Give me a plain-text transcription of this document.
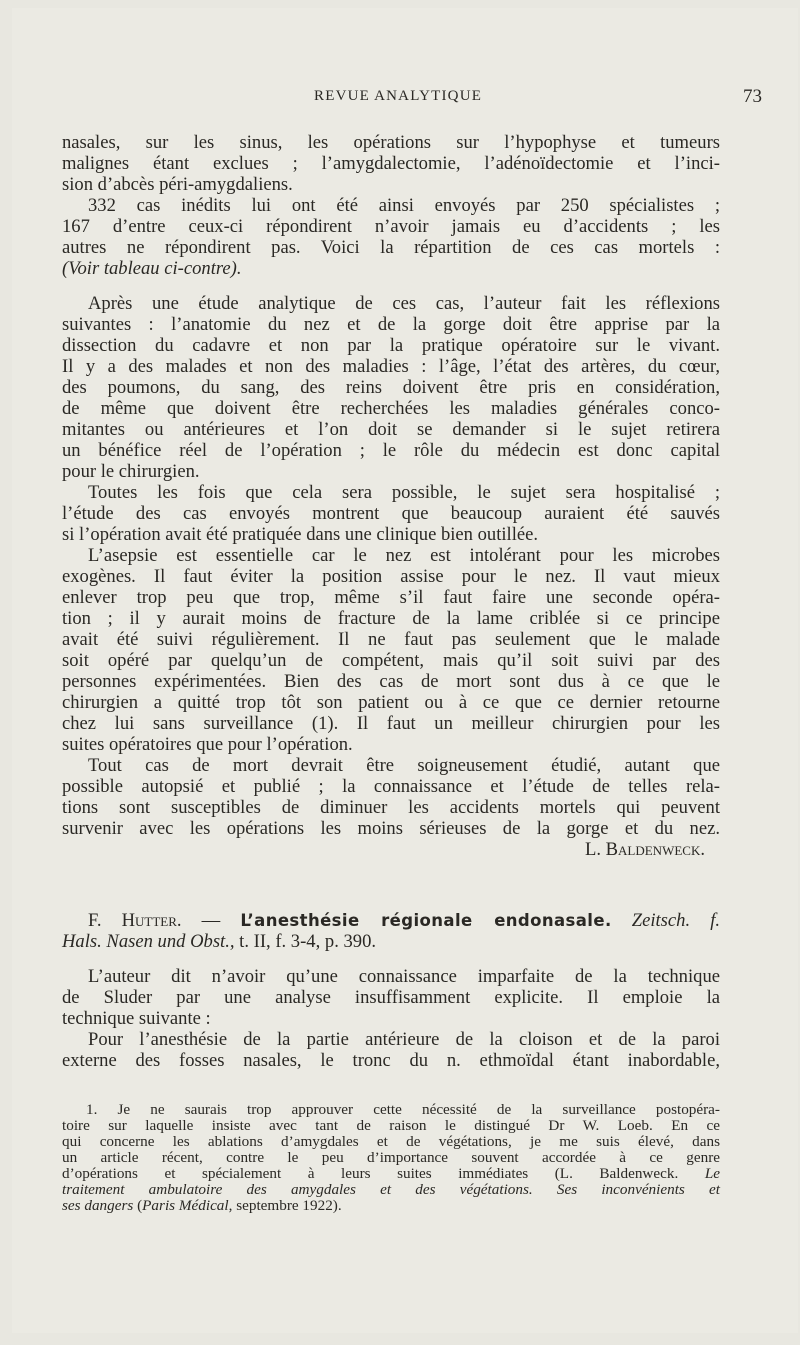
REVUE ANALYTIQUE	73
nasales, sur les sinus, les opérations sur l’hypophyse et tumeurs
malignes étant exclues ; l’amygdalectomie, l’adénoïdectomie et l’inci-
sion d’abcès péri-amygdaliens.
332 cas inédits lui ont été ainsi envoyés par 250 spécialistes ;
167 d’entre ceux-ci répondirent n’avoir jamais eu d’accidents ; les
autres ne répondirent pas. Voici la répartition de ces cas mortels :
(Voir tableau ci-contre).
Après une étude analytique de ces cas, l’auteur fait les réflexions
suivantes : l’anatomie du nez et de la gorge doit être apprise par la
dissection du cadavre et non par la pratique opératoire sur le vivant.
Il y a des malades et non des maladies : l’âge, l’état des artères, du cœur,
des poumons, du sang, des reins doivent être pris en considération,
de même que doivent être recherchées les maladies générales conco-
mitantes ou antérieures et l’on doit se demander si le sujet retirera
un bénéfice réel de l’opération ; le rôle du médecin est donc capital
pour le chirurgien.
Toutes les fois que cela sera possible, le sujet sera hospitalisé ;
l’étude des cas envoyés montrent que beaucoup auraient été sauvés
si l’opération avait été pratiquée dans une clinique bien outillée.
L’asepsie est essentielle car le nez est intolérant pour les microbes
exogènes. Il faut éviter la position assise pour le nez. Il vaut mieux
enlever trop peu que trop, même s’il faut faire une seconde opéra-
tion ; il y aurait moins de fracture de la lame criblée si ce principe
avait été suivi régulièrement. Il ne faut pas seulement que le malade
soit opéré par quelqu’un de compétent, mais qu’il soit suivi par des
personnes expérimentées. Bien des cas de mort sont dus à ce que le
chirurgien a quitté trop tôt son patient ou à ce que ce dernier retourne
chez lui sans surveillance (1). Il faut un meilleur chirurgien pour les
suites opératoires que pour l’opération.
Tout cas de mort devrait être soigneusement étudié, autant que
possible autopsié et publié ; la connaissance et l’étude de telles rela-
tions sont susceptibles de diminuer les accidents mortels qui peuvent
survenir avec les opérations les moins sérieuses de la gorge et du nez.
L. Baldenweck.
F. Hutter. — L’anesthésie régionale endonasale. Zeitsch. f.
Hals. Nasen und Obst., t. II, f. 3-4, p. 390.
L’auteur dit n’avoir qu’une connaissance imparfaite de la technique
de Sluder par une analyse insuffisamment explicite. Il emploie la
technique suivante :
Pour l’anesthésie de la partie antérieure de la cloison et de la paroi
externe des fosses nasales, le tronc du n. ethmoïdal étant inabordable,
1. Je ne saurais trop approuver cette nécessité de la surveillance postopéra-
toire sur laquelle insiste avec tant de raison le distingué Dr W. Loeb. En ce
qui concerne les ablations d’amygdales et de végétations, je me suis élevé, dans
un article récent, contre le peu d’importance souvent accordée à ce genre
d’opérations et spécialement à leurs suites immédiates (L. Baldenweck. Le
traitement ambulatoire des amygdales et des végétations. Ses inconvénients et
ses dangers (Paris Médical, septembre 1922).
